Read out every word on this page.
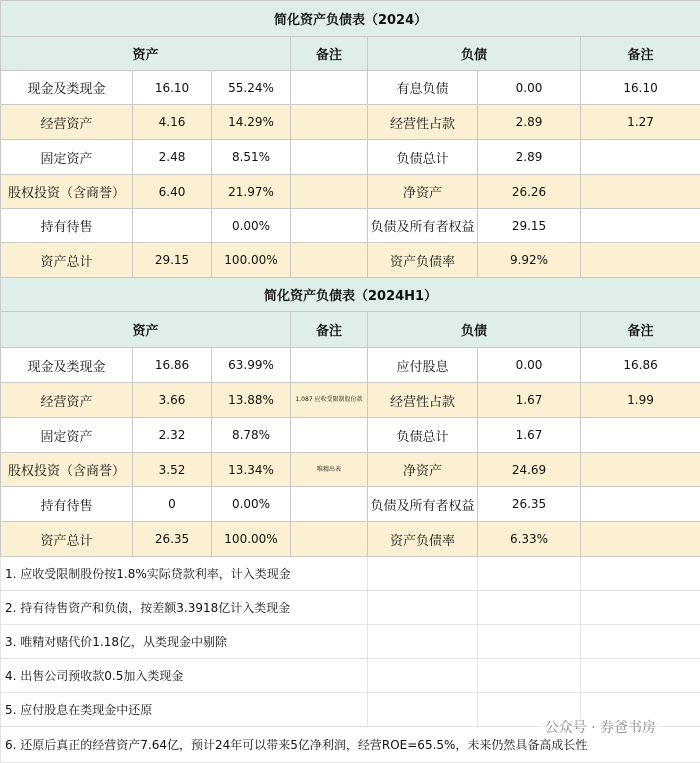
简化资产负债表（2024）						
资产			备注	负债		备注
现金及类现金	16.10	55.24%		有息负债	0.00	16.10
经营资产	4.16	14.29%		经营性占款	2.89	1.27
固定资产	2.48	8.51%		负债总计	2.89	
股权投资（含商誉）	6.40	21.97%		净资产	26.26	
持有待售		0.00%		负债及所有者权益	29.15	
资产总计	29.15	100.00%		资产负债率	9.92%	
简化资产负债表（2024H1）						
资产			备注	负债		备注
现金及类现金	16.86	63.99%		应付股息	0.00	16.86
经营资产	3.66	13.88%	1.087 应收受限制股份款	经营性占款	1.67	1.99
固定资产	2.32	8.78%		负债总计	1.67	
股权投资（含商誉）	3.52	13.34%	唯精出表	净资产	24.69	
持有待售	0	0.00%		负债及所有者权益	26.35	
资产总计	26.35	100.00%		资产负债率	6.33%	
1. 应收受限制股份按1.8%实际贷款利率，计入类现金						
2. 持有待售资产和负债，按差额3.3918亿计入类现金						
3. 唯精对赌代价1.18亿，从类现金中剔除						
4. 出售公司预收款0.5加入类现金						
5. 应付股息在类现金中还原						
6. 还原后真正的经营资产7.64亿，预计24年可以带来5亿净利润，经营ROE=65.5%，未来仍然具备高成长性						
公众号 · 券爸书房
